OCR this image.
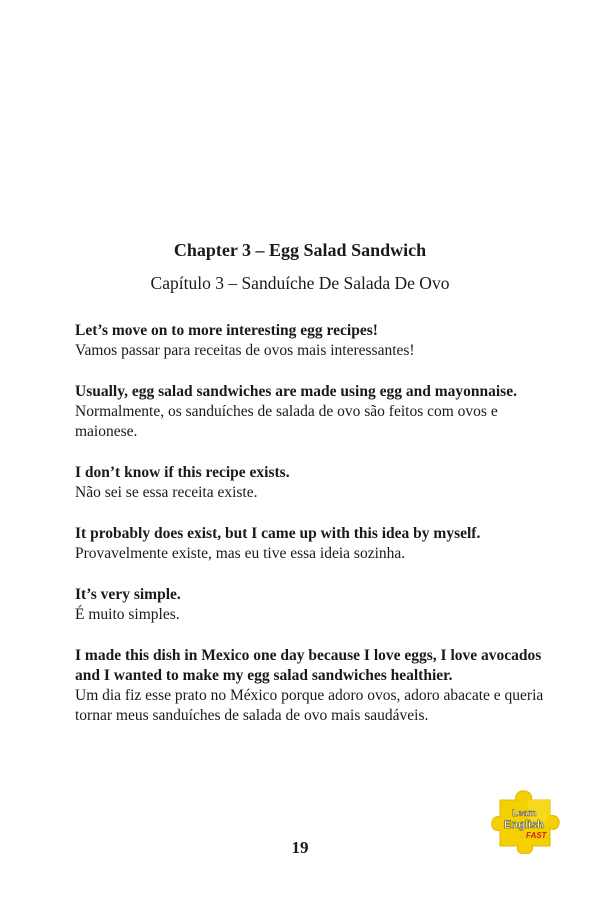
Chapter 3 – Egg Salad Sandwich
Capítulo 3 – Sanduíche De Salada De Ovo

Let’s move on to more interesting egg recipes!
Vamos passar para receitas de ovos mais interessantes!

Usually, egg salad sandwiches are made using egg and mayonnaise.
Normalmente, os sanduíches de salada de ovo são feitos com ovos e maionese.

I don’t know if this recipe exists.
Não sei se essa receita existe.

It probably does exist, but I came up with this idea by myself.
Provavelmente existe, mas eu tive essa ideia sozinha.

It’s very simple.
É muito simples.

I made this dish in Mexico one day because I love eggs, I love avocados and I wanted to make my egg salad sandwiches healthier.
Um dia fiz esse prato no México porque adoro ovos, adoro abacate e queria tornar meus sanduíches de salada de ovo mais saudáveis.

19
Learn
English
FAST
